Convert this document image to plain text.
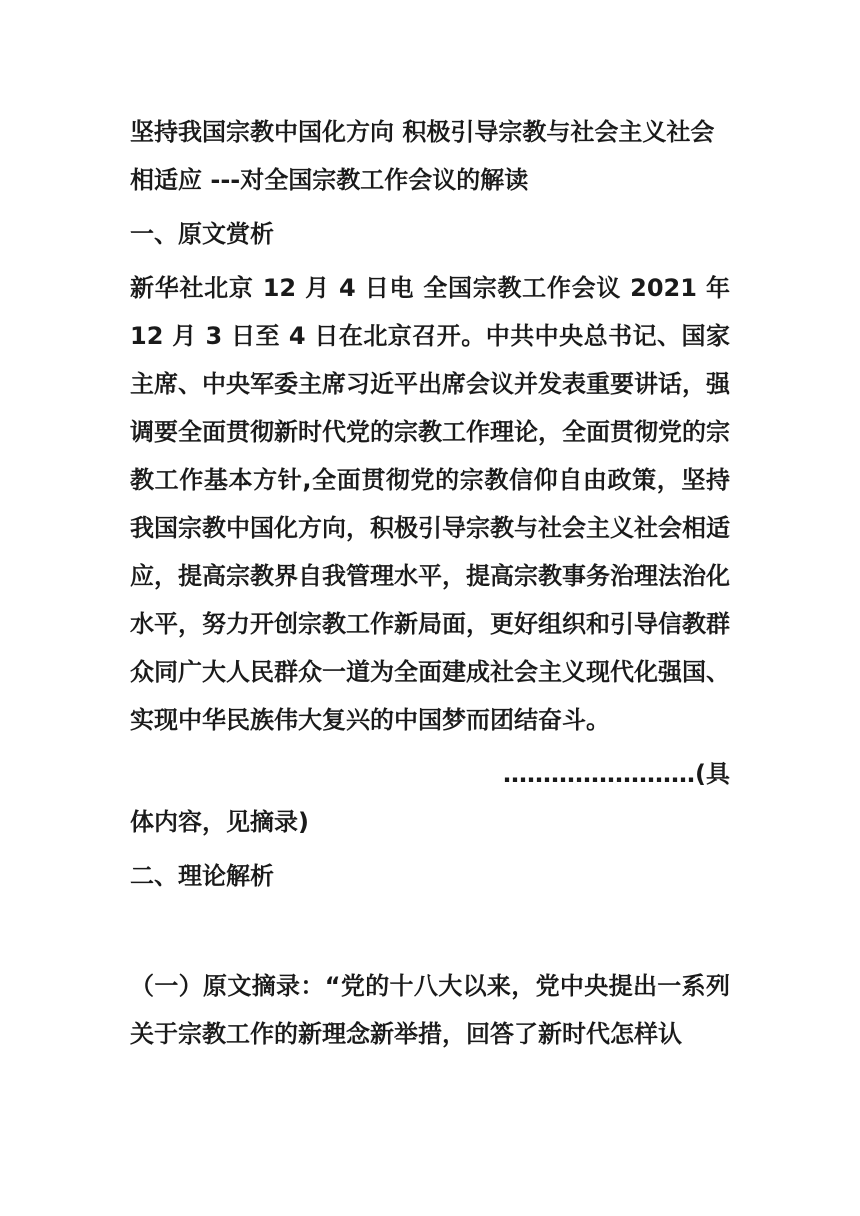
坚持我国宗教中国化方向 积极引导宗教与社会主义社会相适应 ---对全国宗教工作会议的解读

一、原文赏析

新华社北京 12 月 4 日电 全国宗教工作会议 2021 年 12 月 3 日至 4 日在北京召开。中共中央总书记、国家主席、中央军委主席习近平出席会议并发表重要讲话，强调要全面贯彻新时代党的宗教工作理论，全面贯彻党的宗教工作基本方针,全面贯彻党的宗教信仰自由政策，坚持我国宗教中国化方向，积极引导宗教与社会主义社会相适应，提高宗教界自我管理水平，提高宗教事务治理法治化水平，努力开创宗教工作新局面，更好组织和引导信教群众同广大人民群众一道为全面建成社会主义现代化强国、实现中华民族伟大复兴的中国梦而团结奋斗。

……………………(具

体内容，见摘录)

二、理论解析

（一）原文摘录：“党的十八大以来，党中央提出一系列关于宗教工作的新理念新举措，回答了新时代怎样认
